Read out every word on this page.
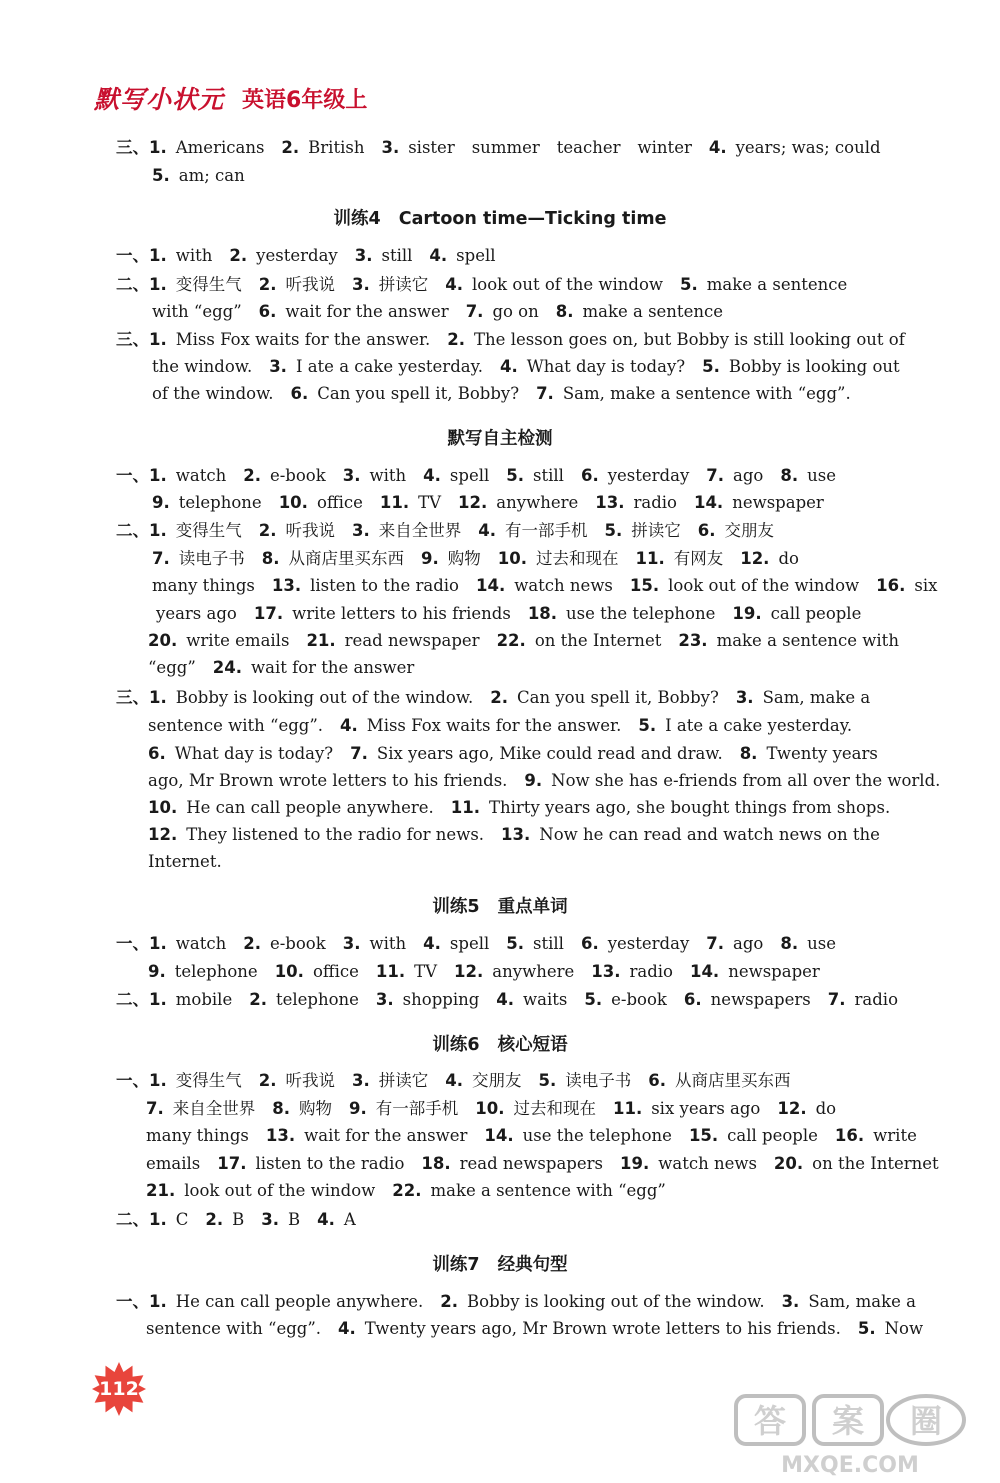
默写小状元 英语6年级上
训练4 Cartoon time—Ticking time
默写自主检测
训练5 重点单词
训练6 核心短语
训练7 经典句型
三、1. Americans 2. British 3. sister summer teacher winter 4. years; was; could
5. am; can
一、1. with 2. yesterday 3. still 4. spell
二、1. 变得生气 2. 听我说 3. 拼读它 4. look out of the window 5. make a sentence
with “egg” 6. wait for the answer 7. go on 8. make a sentence
三、1. Miss Fox waits for the answer. 2. The lesson goes on, but Bobby is still looking out of
the window. 3. I ate a cake yesterday. 4. What day is today? 5. Bobby is looking out
of the window. 6. Can you spell it, Bobby? 7. Sam, make a sentence with “egg”.
一、1. watch 2. e-book 3. with 4. spell 5. still 6. yesterday 7. ago 8. use
9. telephone 10. office 11. TV 12. anywhere 13. radio 14. newspaper
二、1. 变得生气 2. 听我说 3. 来自全世界 4. 有一部手机 5. 拼读它 6. 交朋友
7. 读电子书 8. 从商店里买东西 9. 购物 10. 过去和现在 11. 有网友 12. do
many things 13. listen to the radio 14. watch news 15. look out of the window 16. six
years ago 17. write letters to his friends 18. use the telephone 19. call people
20. write emails 21. read newspaper 22. on the Internet 23. make a sentence with
“egg” 24. wait for the answer
三、1. Bobby is looking out of the window. 2. Can you spell it, Bobby? 3. Sam, make a
sentence with “egg”. 4. Miss Fox waits for the answer. 5. I ate a cake yesterday.
6. What day is today? 7. Six years ago, Mike could read and draw. 8. Twenty years
ago, Mr Brown wrote letters to his friends. 9. Now she has e-friends from all over the world.
10. He can call people anywhere. 11. Thirty years ago, she bought things from shops.
12. They listened to the radio for news. 13. Now he can read and watch news on the
Internet.
一、1. watch 2. e-book 3. with 4. spell 5. still 6. yesterday 7. ago 8. use
9. telephone 10. office 11. TV 12. anywhere 13. radio 14. newspaper
二、1. mobile 2. telephone 3. shopping 4. waits 5. e-book 6. newspapers 7. radio
一、1. 变得生气 2. 听我说 3. 拼读它 4. 交朋友 5. 读电子书 6. 从商店里买东西
7. 来自全世界 8. 购物 9. 有一部手机 10. 过去和现在 11. six years ago 12. do
many things 13. wait for the answer 14. use the telephone 15. call people 16. write
emails 17. listen to the radio 18. read newspapers 19. watch news 20. on the Internet
21. look out of the window 22. make a sentence with “egg”
二、1. C 2. B 3. B 4. A
一、1. He can call people anywhere. 2. Bobby is looking out of the window. 3. Sam, make a
sentence with “egg”. 4. Twenty years ago, Mr Brown wrote letters to his friends. 5. Now
112
答 案 圈
MXQE.COM
